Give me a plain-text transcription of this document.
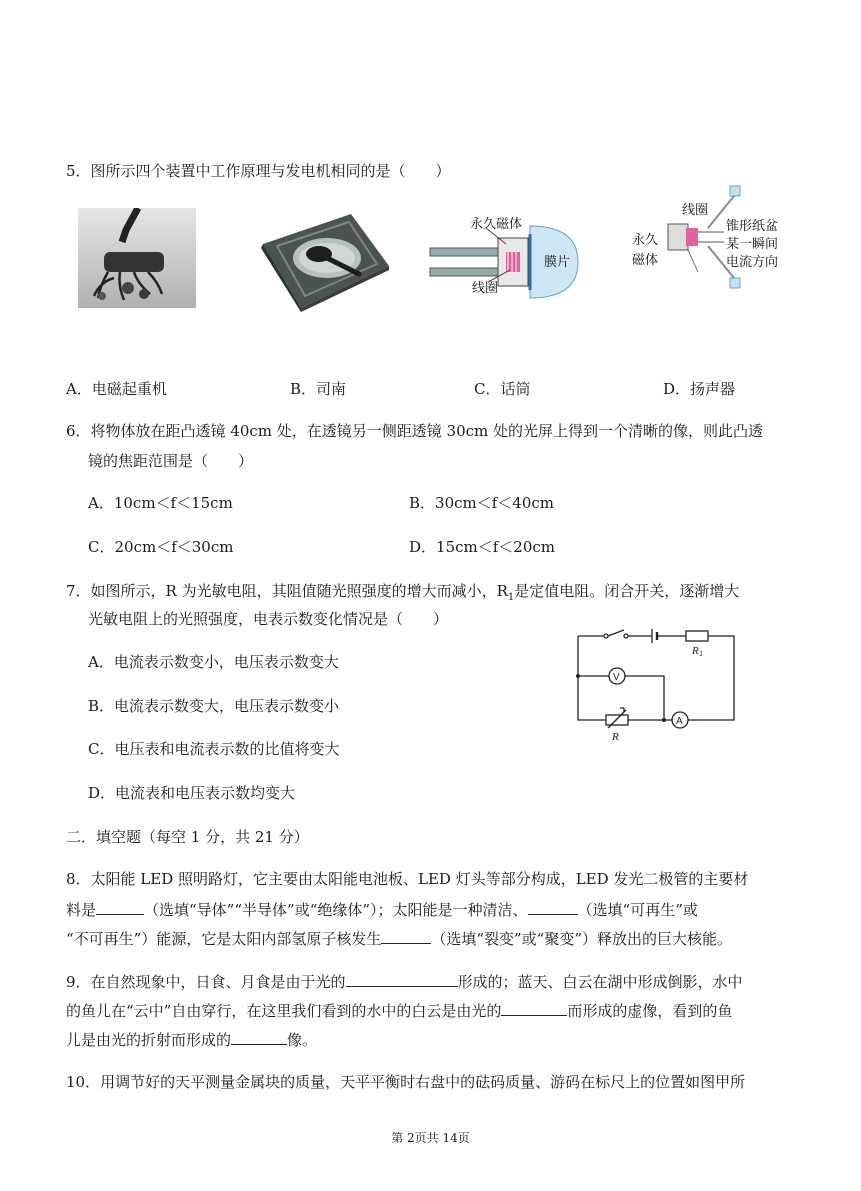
5．图所示四个装置中工作原理与发电机相同的是（　　）
永久磁体
膜片
线圈
线圈
锥形纸盆
永久
磁体
某一瞬间
电流方向
A．电磁起重机	B．司南	C．话筒	D．扬声器
6．将物体放在距凸透镜 40cm 处，在透镜另一侧距透镜 30cm 处的光屏上得到一个清晰的像，则此凸透
镜的焦距范围是（　　）
A．10cm＜f＜15cm	B．30cm＜f＜40cm
C．20cm＜f＜30cm	D．15cm＜f＜20cm
7．如图所示，R 为光敏电阻，其阻值随光照强度的增大而减小，$R_1$是定值电阻。闭合开关，逐渐增大
光敏电阻上的光照强度，电表示数变化情况是（　　）
A．电流表示数变小，电压表示数变大
B．电流表示数变大，电压表示数变小
C．电压表和电流表示数的比值将变大
D．电流表和电压表示数均变大
V
A
R 1
R
二．填空题（每空 1 分，共 21 分）
8．太阳能 LED 照明路灯，它主要由太阳能电池板、LED 灯头等部分构成，LED 发光二极管的主要材
料是	（选填“导体”“半导体”或“绝缘体”）；太阳能是一种清洁、	（选填“可再生”或
“不可再生”）能源，它是太阳内部氢原子核发生	（选填“裂变”或“聚变”）释放出的巨大核能。
9．在自然现象中，日食、月食是由于光的	形成的；蓝天、白云在湖中形成倒影，水中
的鱼儿在“云中”自由穿行，在这里我们看到的水中的白云是由光的	而形成的虚像，看到的鱼
儿是由光的折射而形成的	像。
10．用调节好的天平测量金属块的质量，天平平衡时右盘中的砝码质量、游码在标尺上的位置如图甲所
第 2页共 14页
